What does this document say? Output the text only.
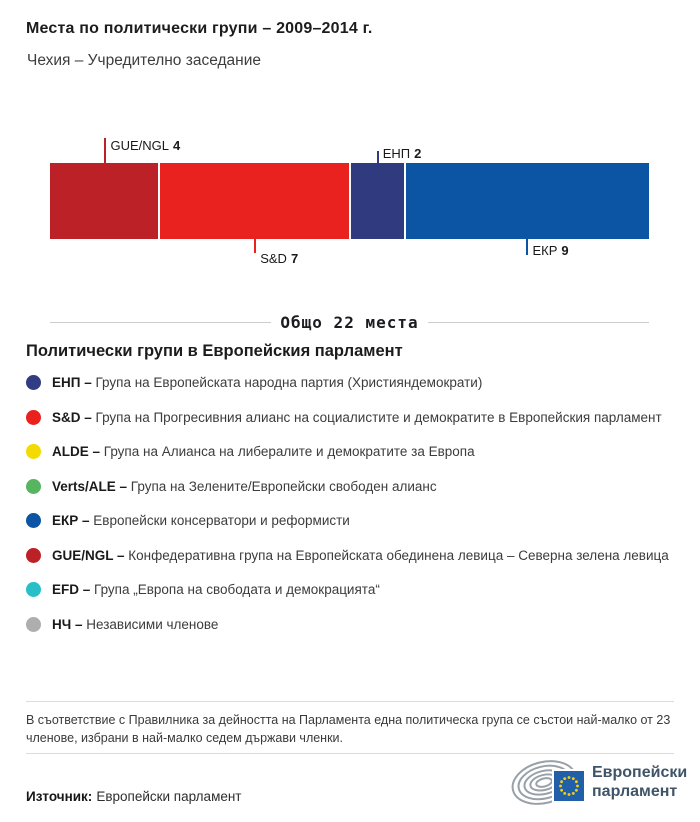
Места по политически групи – 2009–2014 г.
Чехия – Учредително заседание
GUE/NGL 4
S&D 7
ЕНП 2
ЕКР 9
Общо 22 места
Политически групи в Европейския парламент
ЕНП – Група на Европейската народна партия (Християндемократи)
S&D – Група на Прогресивния алианс на социалистите и демократите в Европейския парламент
ALDE – Група на Алианса на либералите и демократите за Европа
Verts/ALE – Група на Зелените/Европейски свободен алианс
ЕКР – Европейски консерватори и реформисти
GUE/NGL – Конфедеративна група на Европейската обединена левица – Северна зелена левица
EFD – Група „Европа на свободата и демокрацията“
НЧ – Независими членове

В съответствие с Правилника за дейността на Парламента една политическа група се състои най-малко от 23 членове, избрани в най-малко седем държави членки.

Източник: Европейски парламент
Европейски
парламент
